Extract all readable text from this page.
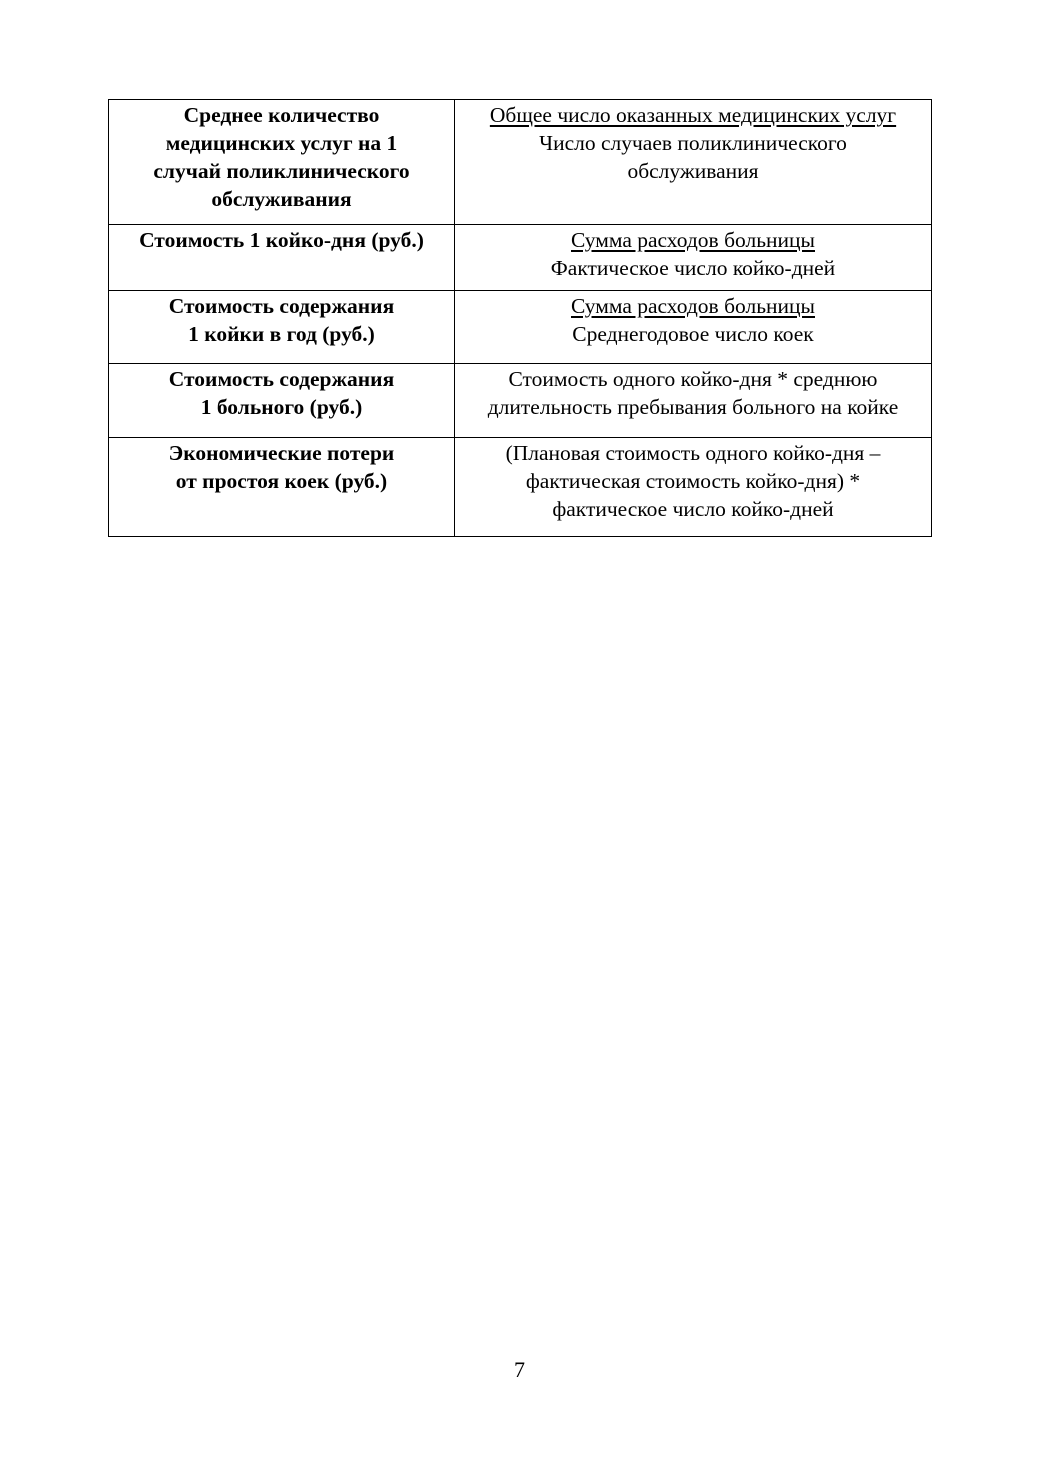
Среднее количество
медицинских услуг на 1
случай поликлинического
обслуживания	Общее число оказанных медицинских услуг
Число случаев поликлинического
обслуживания

Стоимость 1 койко-дня (руб.)	Сумма расходов больницы
Фактическое число койко-дней

Стоимость содержания
1 койки в год (руб.)	Сумма расходов больницы
Среднегодовое число коек

Стоимость содержания
1 больного (руб.)	Стоимость одного койко-дня * среднюю
длительность пребывания больного на койке

Экономические потери
от простоя коек (руб.)	(Плановая стоимость одного койко-дня –
фактическая стоимость койко-дня) *
фактическое число койко-дней
7
